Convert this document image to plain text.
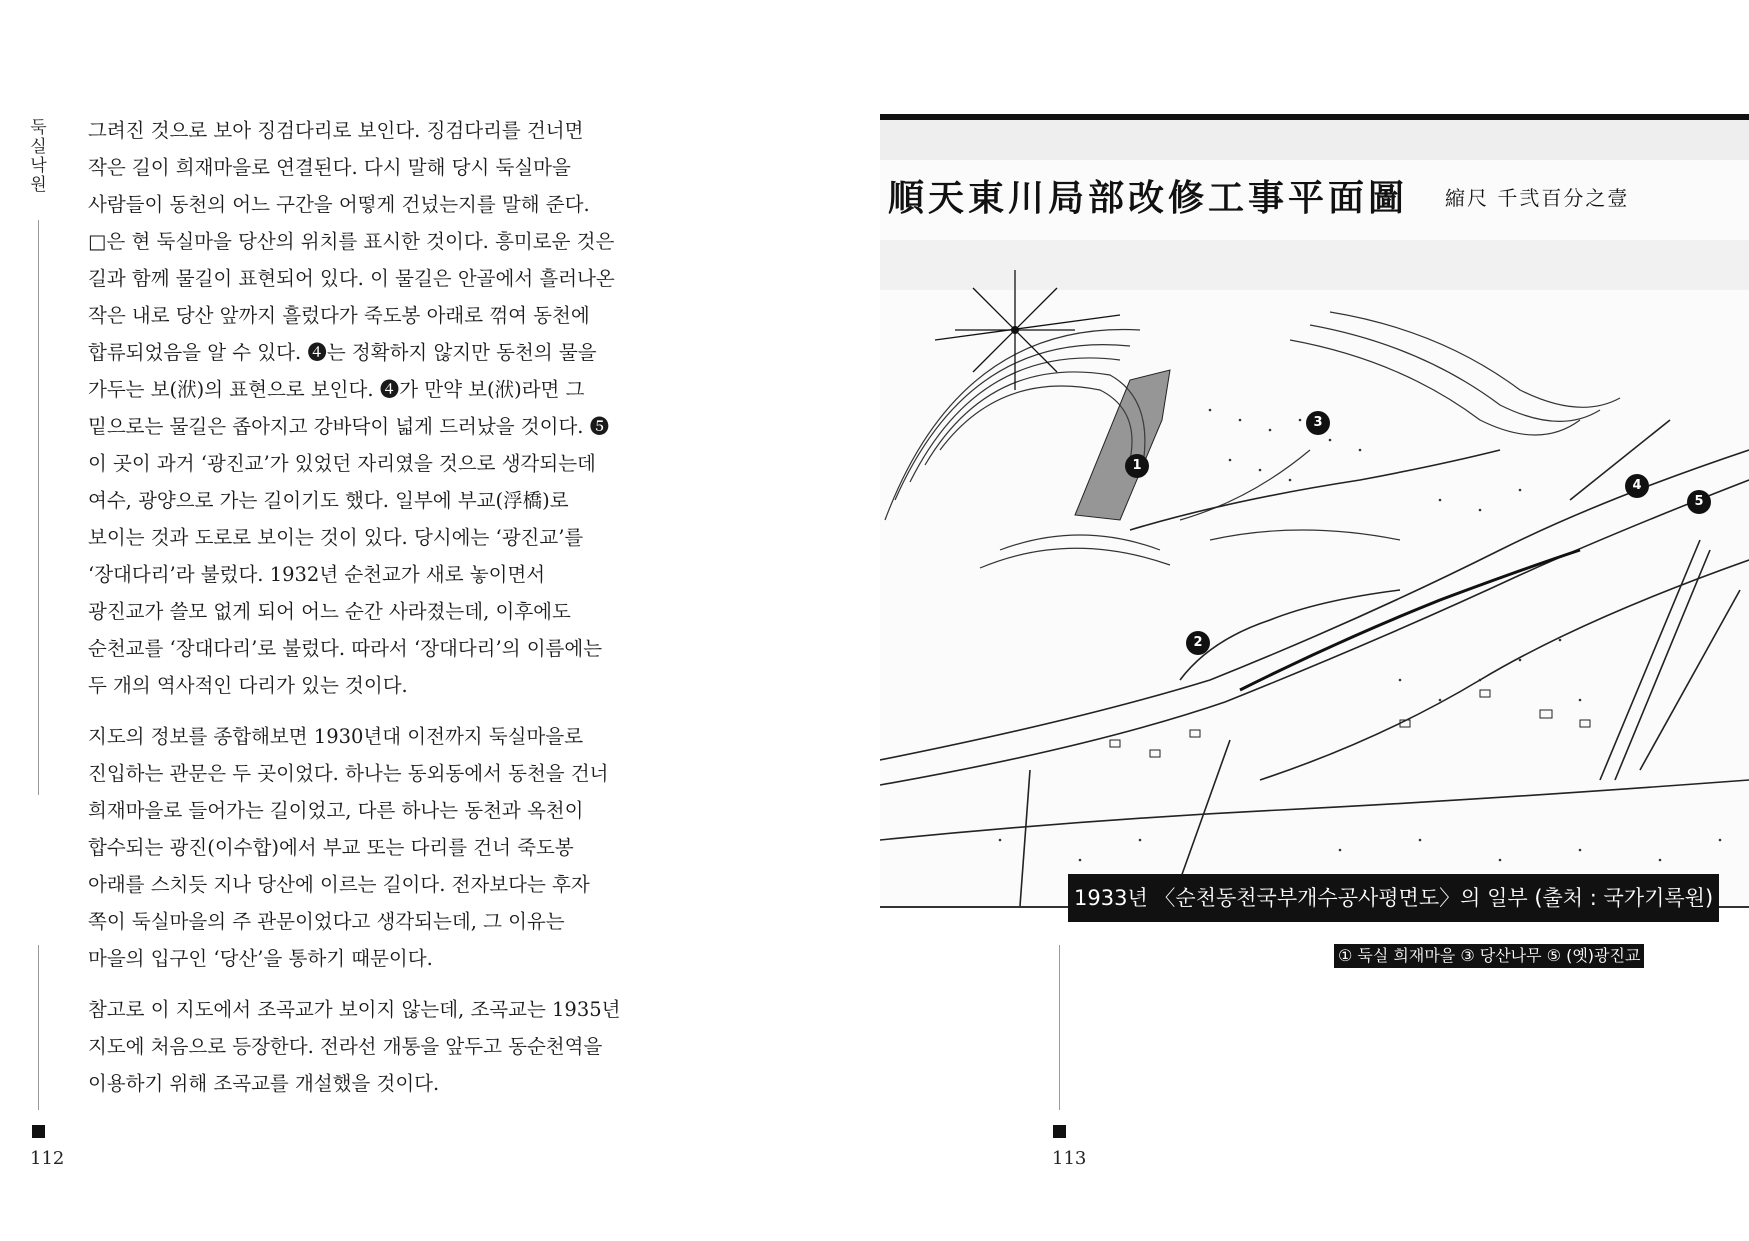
둑실낙원
112

그려진 것으로 보아 징검다리로 보인다. 징검다리를 건너면
작은 길이 희재마을로 연결된다. 다시 말해 당시 둑실마을
사람들이 동천의 어느 구간을 어떻게 건넜는지를 말해 준다.
□은 현 둑실마을 당산의 위치를 표시한 것이다. 흥미로운 것은
길과 함께 물길이 표현되어 있다. 이 물길은 안골에서 흘러나온
작은 내로 당산 앞까지 흘렀다가 죽도봉 아래로 꺾여 동천에
합류되었음을 알 수 있다. ❹는 정확하지 않지만 동천의 물을
가두는 보(洑)의 표현으로 보인다. ❹가 만약 보(洑)라면 그
밑으로는 물길은 좁아지고 강바닥이 넓게 드러났을 것이다. ❺
이 곳이 과거 ‘광진교’가 있었던 자리였을 것으로 생각되는데
여수, 광양으로 가는 길이기도 했다. 일부에 부교(浮橋)로
보이는 것과 도로로 보이는 것이 있다. 당시에는 ‘광진교’를
‘장대다리’라 불렀다. 1932년 순천교가 새로 놓이면서
광진교가 쓸모 없게 되어 어느 순간 사라졌는데, 이후에도
순천교를 ‘장대다리’로 불렀다. 따라서 ‘장대다리’의 이름에는
두 개의 역사적인 다리가 있는 것이다.

지도의 정보를 종합해보면 1930년대 이전까지 둑실마을로
진입하는 관문은 두 곳이었다. 하나는 동외동에서 동천을 건너
희재마을로 들어가는 길이었고, 다른 하나는 동천과 옥천이
합수되는 광진(이수합)에서 부교 또는 다리를 건너 죽도봉
아래를 스치듯 지나 당산에 이르는 길이다. 전자보다는 후자
쪽이 둑실마을의 주 관문이었다고 생각되는데, 그 이유는
마을의 입구인 ‘당산’을 통하기 때문이다.

참고로 이 지도에서 조곡교가 보이지 않는데, 조곡교는 1935년
지도에 처음으로 등장한다. 전라선 개통을 앞두고 동순천역을
이용하기 위해 조곡교를 개설했을 것이다.

順天東川局部改修工事平面圖 縮尺 千弐百分之壹
1
2
3
4
5
1933년 〈순천동천국부개수공사평면도〉의 일부 (출처 : 국가기록원)
① 둑실 희재마을 ③ 당산나무 ⑤ (옛)광진교
113
